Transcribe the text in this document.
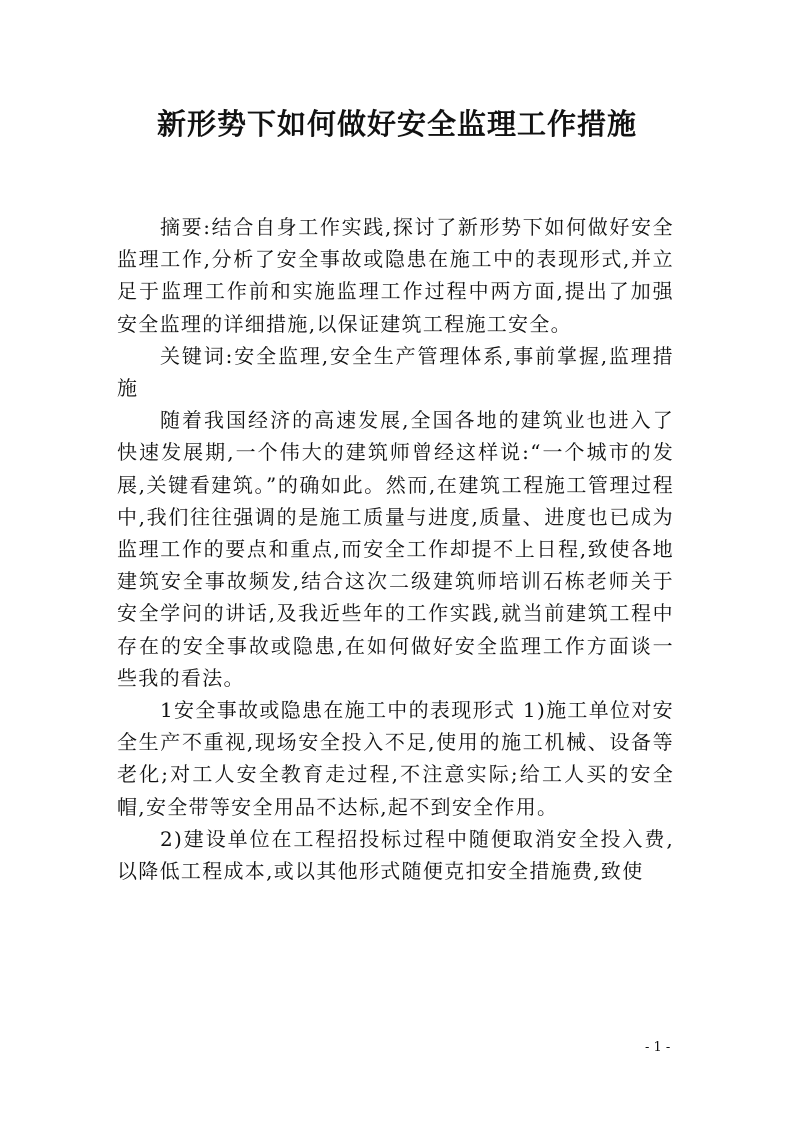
新形势下如何做好安全监理工作措施

摘要:结合自身工作实践,探讨了新形势下如何做好安全监理工作,分析了安全事故或隐患在施工中的表现形式,并立足于监理工作前和实施监理工作过程中两方面,提出了加强安全监理的详细措施,以保证建筑工程施工安全。

关键词:安全监理,安全生产管理体系,事前掌握,监理措施

随着我国经济的高速发展,全国各地的建筑业也进入了快速发展期,一个伟大的建筑师曾经这样说:“一个城市的发展,关键看建筑。”的确如此。然而,在建筑工程施工管理过程中,我们往往强调的是施工质量与进度,质量、进度也已成为监理工作的要点和重点,而安全工作却提不上日程,致使各地建筑安全事故频发,结合这次二级建筑师培训石栋老师关于安全学问的讲话,及我近些年的工作实践,就当前建筑工程中存在的安全事故或隐患,在如何做好安全监理工作方面谈一些我的看法。

1安全事故或隐患在施工中的表现形式 1)施工单位对安全生产不重视,现场安全投入不足,使用的施工机械、设备等老化;对工人安全教育走过程,不注意实际;给工人买的安全帽,安全带等安全用品不达标,起不到安全作用。

2)建设单位在工程招投标过程中随便取消安全投入费,以降低工程成本,或以其他形式随便克扣安全措施费,致使

- 1 -
